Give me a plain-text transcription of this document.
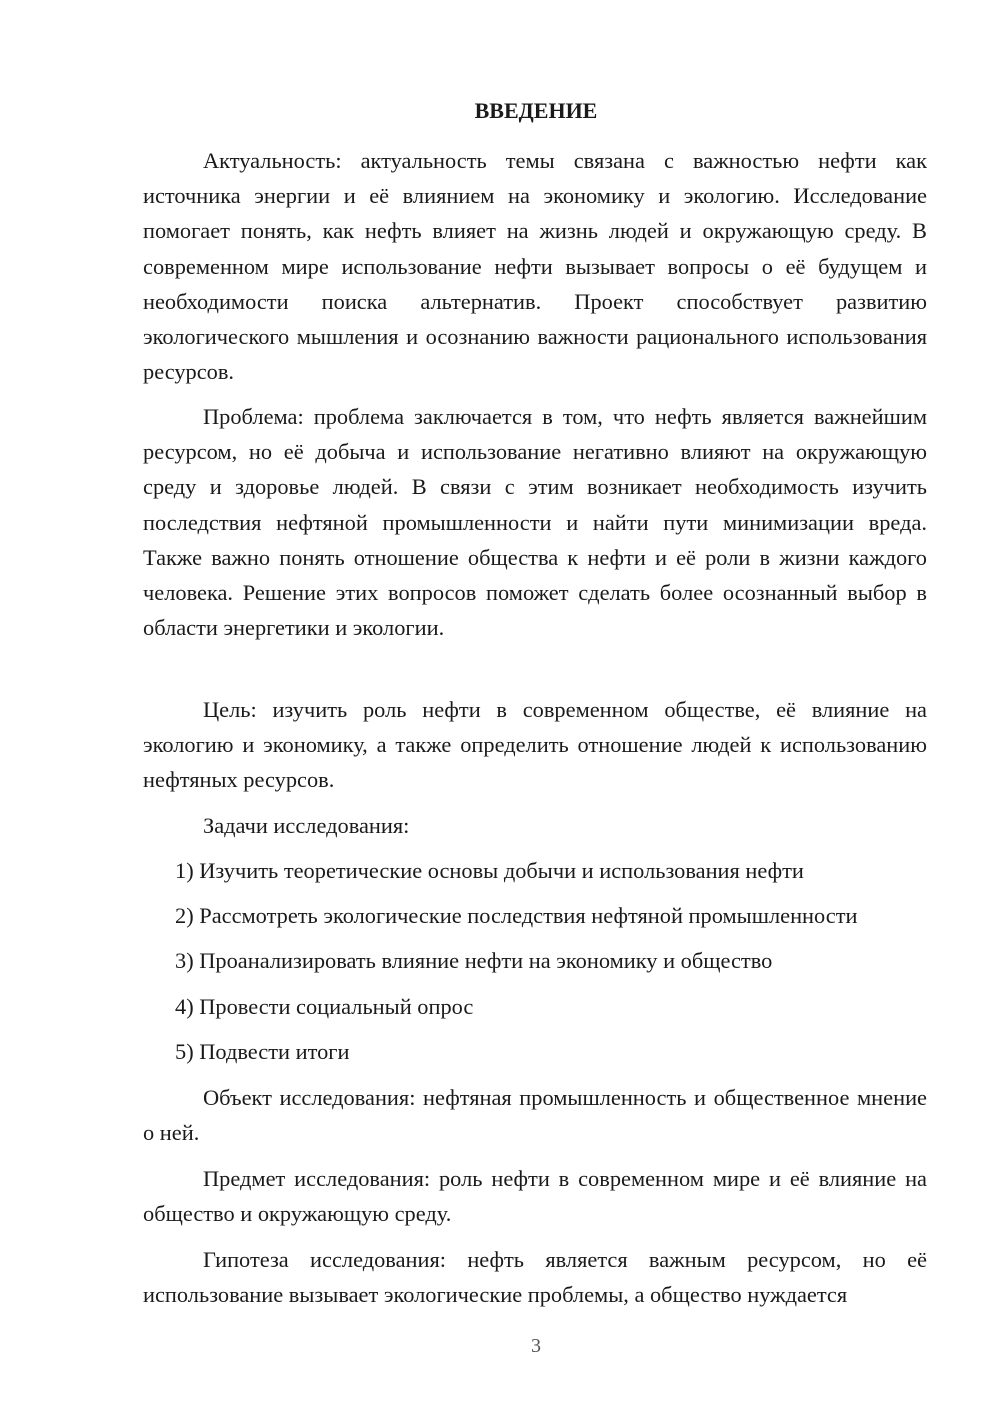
ВВЕДЕНИЕ

Актуальность: актуальность темы связана с важностью нефти как источника энергии и её влиянием на экономику и экологию. Исследование помогает понять, как нефть влияет на жизнь людей и окружающую среду. В современном мире использование нефти вызывает вопросы о её будущем и необходимости поиска альтернатив. Проект способствует развитию экологического мышления и осознанию важности рационального использования ресурсов.

Проблема: проблема заключается в том, что нефть является важнейшим ресурсом, но её добыча и использование негативно влияют на окружающую среду и здоровье людей. В связи с этим возникает необходимость изучить последствия нефтяной промышленности и найти пути минимизации вреда. Также важно понять отношение общества к нефти и её роли в жизни каждого человека. Решение этих вопросов поможет сделать более осознанный выбор в области энергетики и экологии.

Цель: изучить роль нефти в современном обществе, её влияние на экологию и экономику, а также определить отношение людей к использованию нефтяных ресурсов.

Задачи исследования:

1) Изучить теоретические основы добычи и использования нефти

2) Рассмотреть экологические последствия нефтяной промышленности

3) Проанализировать влияние нефти на экономику и общество

4) Провести социальный опрос

5) Подвести итоги

Объект исследования: нефтяная промышленность и общественное мнение о ней.

Предмет исследования: роль нефти в современном мире и её влияние на общество и окружающую среду.

Гипотеза исследования: нефть является важным ресурсом, но её использование вызывает экологические проблемы, а общество нуждается

3
